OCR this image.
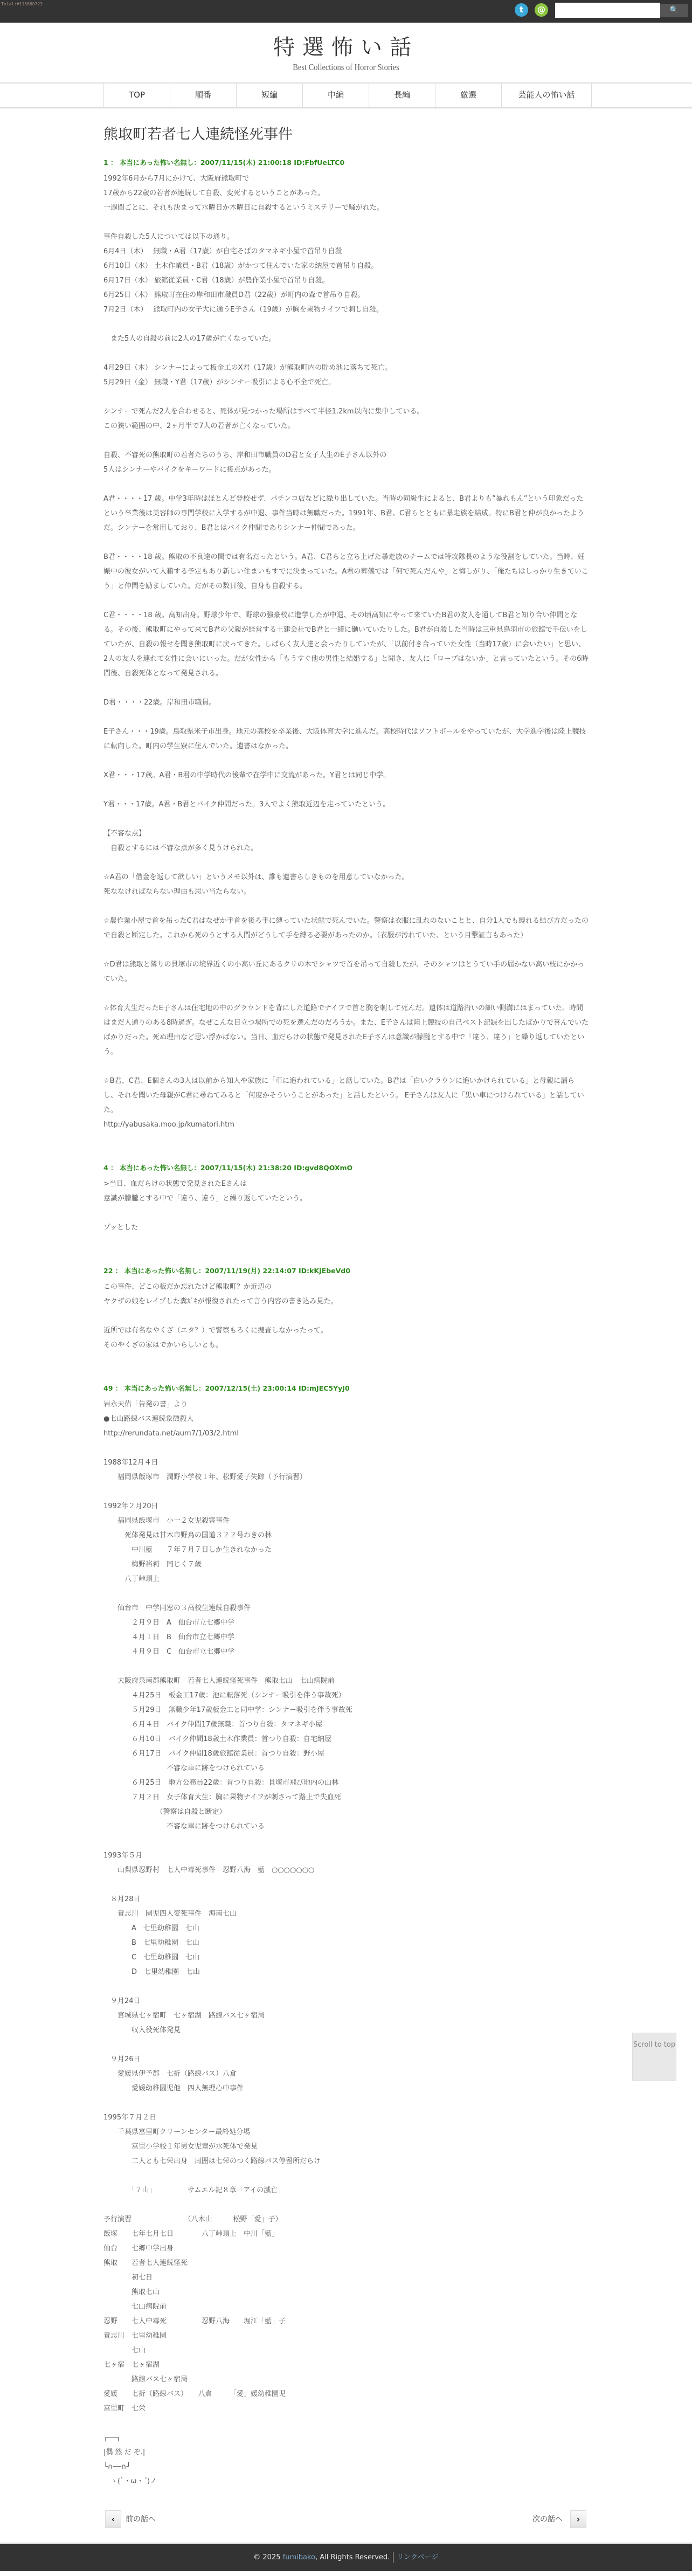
Total:♥115860723
t	@	🔍
特選怖い話
Best Collections of Horror Stories
TOP	順番	短編	中編	長編	厳選	芸能人の怖い話
熊取町若者七人連続怪死事件
1 ： 本当にあった怖い名無し：2007/11/15(木) 21:00:18 ID:FbfUeLTC0

1992年6月から7月にかけて、大阪府熊取町で

17歳から22歳の若者が連続して自殺、変死するということがあった。

一週間ごとに、それも決まって水曜日か木曜日に自殺するというミステリーで騒がれた。

事件自殺した5人については以下の通り。

6月4日（木）　 無職・A君（17歳）が自宅そばのタマネギ小屋で首吊り自殺

6月10日（水） 土木作業員・B君（18歳）がかつて住んでいた家の納屋で首吊り自殺。

6月17日（水） 旅館従業員・C君（18歳）が農作業小屋で首吊り自殺。

6月25日（木） 熊取町在住の岸和田市職員D君（22歳）が町内の森で首吊り自殺。

7月2日（木）　 熊取町内の女子大に通うE子さん（19歳）が胸を果物ナイフで刺し自殺。

　また5人の自殺の前に2人の17歳が亡くなっていた。

4月29日（木） シンナーによって板金工のX君（17歳）が熊取町内の貯め池に落ちて死亡。

5月29日（金） 無職・Y君（17歳）がシンナー吸引による心不全で死亡。

シンナーで死んだ2人を合わせると、死体が見つかった場所はすべて半径1.2km以内に集中している。

この狭い範囲の中、2ヶ月半で7人の若者が亡くなっていた。

自殺、不審死の熊取町の若者たちのうち、岸和田市職員のD君と女子大生のE子さん以外の

5人はシンナーやバイクをキーワードに接点があった。

A君・・・・17 歳。中学3年時はほとんど登校せず、パチンコ店などに繰り出していた。当時の同級生によると、B君よりも”暴れもん”という印象だったという卒業後は美容師の専門学校に入学するが中退、事件当時は無職だった。1991年、B君、C君らとともに暴走族を結成。特にB君と仲が良かったようだ。シンナーを常用しており、B君とはバイク仲間でありシンナー仲間であった。

B君・・・・18 歳。熊取の不良達の間では有名だったという。A君、C君らと立ち上げた暴走族のチームでは特攻隊長のような役割をしていた。当時、妊娠中の彼女がいて入籍する予定もあり新しい住まいもすでに決まっていた。A君の葬儀では「何で死んだんや」と悔しがり、「俺たちはしっかり生きていこう」と仲間を励ましていた。だがその数日後、自身も自殺する。

C君・・・・18 歳。高知出身。野球少年で、野球の強豪校に進学したが中退、その頃高知にやって来ていたB君の友人を通してB君と知り合い仲間となる。その後、熊取町にやって来てB君の父親が経営する土建会社でB君と一緒に働いていたりした。B君が自殺した当時は三重県鳥羽市の旅館で手伝いをしていたが、自殺の報せを聞き熊取町に戻ってきた。しばらく友人達と会ったりしていたが、「以前付き合っていた女性（当時17歳）に会いたい」と思い、2人の友人を連れて女性に会いにいった。だが女性から「もうすぐ他の男性と結婚する」と聞き、友人に「ロープはないか」と言っていたという。その6時間後、自殺死体となって発見される。

D君・・・・22歳。岸和田市職員。

E子さん・・・19歳。鳥取県米子市出身。地元の高校を卒業後、大阪体育大学に進んだ。高校時代はソフトボールをやっていたが、大学進学後は陸上競技に転向した。町内の学生寮に住んでいた。遺書はなかった。

X君・・・17歳。A君・B君の中学時代の後輩で在学中に交流があった。Y君とは同じ中学。

Y君・・・17歳。A君・B君とバイク仲間だった。3人でよく熊取近辺を走っていたという。

【不審な点】

　自殺とするには不審な点が多く見うけられた。

☆A君の「借金を返して欲しい」というメモ以外は、誰も遺書らしきものを用意していなかった。

死ななければならない理由も思い当たらない。

☆農作業小屋で首を吊ったC君はなぜか手首を後ろ手に縛っていた状態で死んでいた。警察は衣服に乱れのないことと、自分1人でも縛れる結び方だったので自殺と断定した。これから死のうとする人間がどうして手を縛る必要があったのか。（衣服が汚れていた、という目撃証言もあった）

☆D君は熊取と隣りの貝塚市の境界近くの小高い丘にあるクリの木でシャツで首を吊って自殺したが、そのシャツはとうてい手の届かない高い枝にかかっていた。

☆体育大生だったE子さんは住宅地の中のグラウンドを背にした道路でナイフで首と胸を刺して死んだ。遺体は道路沿いの細い側溝にはまっていた。時間はまだ人通りのある8時過ぎ。なぜこんな目立つ場所での死を選んだのだろうか。また、E子さんは陸上競技の自己ベスト記録を出したばかりで喜んでいたばかりだった。死ぬ理由など思い浮かばない。当日、血だらけの状態で発見されたE子さんは意識が朦朧とする中で「違う、違う」と繰り返していたという。

☆B君、C君、E個さんの3人は以前から知人や家族に「車に追われている」と話していた。B君は「白いクラウンに追いかけられている」と母親に漏らし、それを聞いた母親がC君に尋ねてみると「何度かそういうことがあった」と話したという。 E子さんは友人に「黒い車につけられている」と話していた。

http://yabusaka.moo.jp/kumatori.htm

4 ： 本当にあった怖い名無し：2007/11/15(木) 21:38:20 ID:gvd8QOXmO

>当日、血だらけの状態で発見されたEさんは

意識が朦朧とする中で「違う、違う」と繰り返していたという。

ゾッとした

22 ： 本当にあった怖い名無し：2007/11/19(月) 22:14:07 ID:kKJEbeVd0

この事件、どこの板だか忘れたけど熊取町？か近辺の

ヤクザの娘をレイプした糞ｶﾞｷが報復されたって言う内容の書き込み見た。

近所では有名なやくざ（エタ？）で警察もろくに捜査しなかったって。

そのやくざの家はでかいらしいとも。

49 ： 本当にあった怖い名無し：2007/12/15(土) 23:00:14 ID:mJEC5YyJ0

岩永天佑「告発の書」より

●七山路線バス連続象徴殺人

http://rerundata.net/aum7/1/03/2.html

1988年12月４日

　　福岡県飯塚市　潤野小学校１年、松野愛子失踪（予行演習）

1992年２月20日

　　福岡県飯塚市　小一２女児殺害事件

　　　死体発見は甘木市野鳥の国道３２２号わきの林

　　　　中川藍　　７年７月７日しか生きれなかった

　　　　梅野裕莉　同じく７歳

　　　八丁峠頂上

　　仙台市　中学同窓の３高校生連続自殺事件

　　　　２月９日　A　仙台市立七郷中学

　　　　４月１日　B　仙台市立七郷中学

　　　　４月９日　C　仙台市立七郷中学

　　大阪府泉南郡熊取町　若者七人連続怪死事件　熊取七山　七山病院前

　　　　４月25日　板金工17歳：池に転落死（シンナー吸引を伴う事故死）

　　　　５月29日　無職少年17歳板金工と同中学：シンナー吸引を伴う事故死

　　　　６月４日　バイク仲間17歳無職：首つり自殺：タマネギ小屋

　　　　６月10日　バイク仲間18歳土木作業員：首つり自殺：自宅納屋

　　　　６月17日　バイク仲間18歳旅館従業員：首つり自殺：野小屋

　　　　　　　　　不審な車に跡をつけられている

　　　　６月25日　地方公務員22歳：首つり自殺：貝塚市飛び地内の山林

　　　　７月２日　女子体育大生：胸に果物ナイフが刺さって路上で失血死

　　　　　　　　（警察は自殺と断定）

　　　　　　　　　不審な車に跡をつけられている

1993年５月

　　山梨県忍野村　七人中毒死事件　忍野八海　藍　○○○○○○○

　８月28日

　　貴志川　園児四人変死事件　海南七山

　　　　A　七里幼稚園　七山

　　　　B　七里幼稚園　七山

　　　　C　七里幼稚園　七山

　　　　D　七里幼稚園　七山

　９月24日

　　宮城県七ヶ宿町　七ヶ宿湖　路線バス七ヶ宿局

　　　　収入役死体発見

　９月26日

　　愛媛県伊予郡　七折（路線バス）八倉

　　　　愛媛幼稚園児他　四人無理心中事件

1995年７月２日

　　千葉県富里町クリーンセンター最終処分場

　　　　富里小学校１年男女児童が水死体で発見

　　　　二人とも七栄出身　周囲は七栄のつく路線バス停留所だらけ

　　　　「７山」　　　　　サムエル記８章「アイの滅亡」

予行演習　　　　　　　　（八木山　　　松野「愛」子）

飯塚　　七年七月七日　　　　八丁峠頂上　中川「藍」

仙台　　七郷中学出身

熊取　　若者七人連続怪死

　　　　初七日

　　　　熊取七山

　　　　七山病院前

忍野　　七人中毒死　　　　　忍野八海　　堀江「藍」子

貴志川　七里幼稚園

　　　　七山

七ヶ宿　七ヶ宿湖

　　　　路線バス七ヶ宿局

愛媛　　七折（路線バス）　　八倉　　　「愛」媛幼稚園児

富里町　七栄

┌──┐

|偶 然 だ ぞ.|

└∩──∩┘

　ヽ(`・ω・´)ノ

‹	前の話へ	次の話へ	›
Scroll to top
© 2025 fumibako, All Rights Reserved. リンクページ
